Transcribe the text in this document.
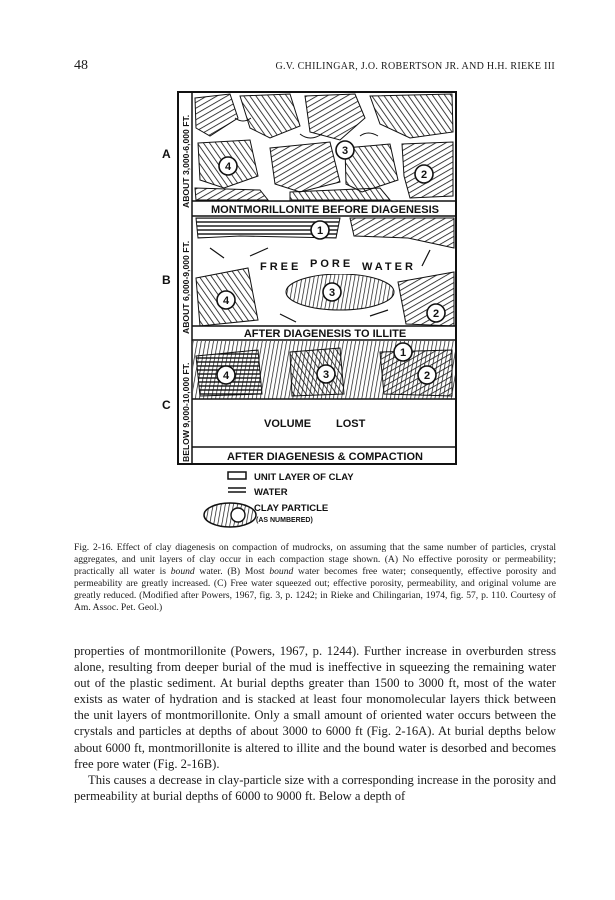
48	G.V. CHILINGAR, J.O. ROBERTSON JR. AND H.H. RIEKE III
4
3
2
1
4
3
2
1
4	3	2
FREE PORE WATER
VOLUME LOST
MONTMORILLONITE BEFORE DIAGENESIS
AFTER DIAGENESIS TO ILLITE
AFTER DIAGENESIS & COMPACTION
ABOUT 3,000-6,000 FT.
ABOUT 6,000-9,000 FT.
BELOW 9,000-10,000 FT.
A
B
C
UNIT LAYER OF CLAY
WATER
CLAY PARTICLE
(AS NUMBERED)
Fig. 2-16. Effect of clay diagenesis on compaction of mudrocks, on assuming that the same number of particles, crystal aggregates, and unit layers of clay occur in each compaction stage shown. (A) No effective porosity or permeability; practically all water is bound water. (B) Most bound water becomes free water; consequently, effective porosity and permeability are greatly increased. (C) Free water squeezed out; effective porosity, permeability, and original volume are greatly reduced. (Modified after Powers, 1967, fig. 3, p. 1242; in Rieke and Chilingarian, 1974, fig. 57, p. 110. Courtesy of Am. Assoc. Pet. Geol.)

properties of montmorillonite (Powers, 1967, p. 1244). Further increase in overburden stress alone, resulting from deeper burial of the mud is ineffective in squeezing the remaining water out of the plastic sediment. At burial depths greater than 1500 to 3000 ft, most of the water exists as water of hydration and is stacked at least four monomolecular layers thick between the unit layers of montmorillonite. Only a small amount of oriented water occurs between the crystals and particles at depths of about 3000 to 6000 ft (Fig. 2-16A). At burial depths below about 6000 ft, montmorillonite is altered to illite and the bound water is desorbed and becomes free pore water (Fig. 2-16B).

This causes a decrease in clay-particle size with a corresponding increase in the porosity and permeability at burial depths of 6000 to 9000 ft. Below a depth of
